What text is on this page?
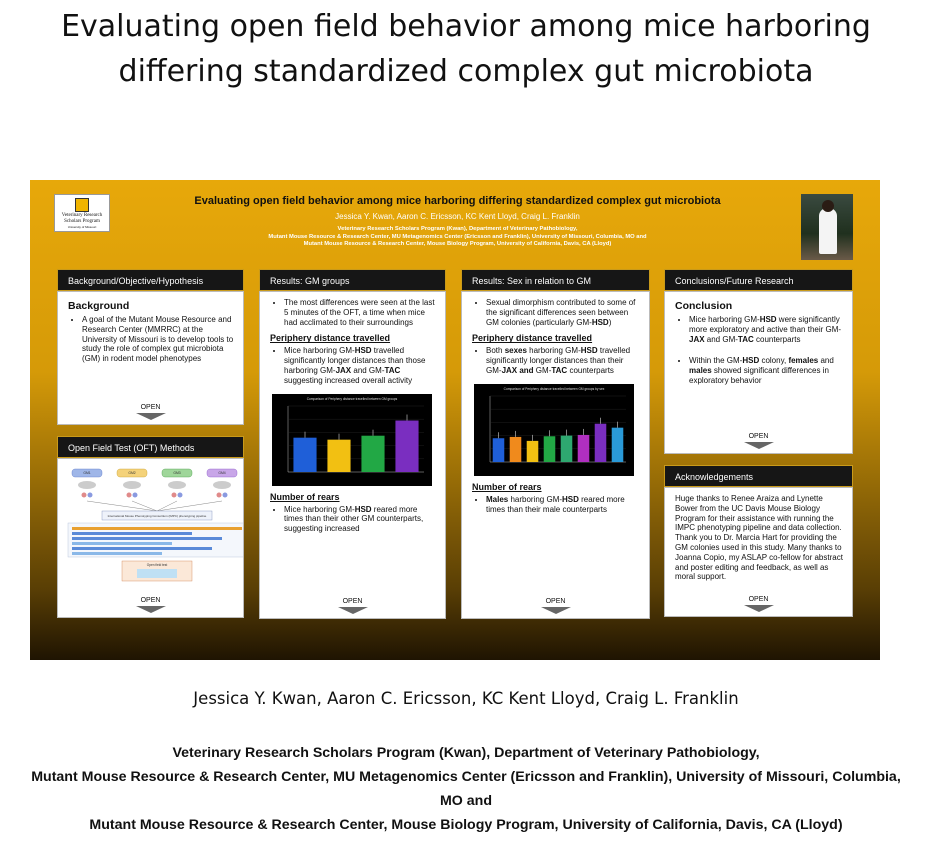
Evaluating open field behavior among mice harboring differing standardized complex gut microbiota
Veterinary Research Scholars Program
University of Missouri
Evaluating open field behavior among mice harboring differing standardized complex gut microbiota
Jessica Y. Kwan, Aaron C. Ericsson, KC Kent Lloyd, Craig L. Franklin
Veterinary Research Scholars Program (Kwan), Department of Veterinary Pathobiology,
Mutant Mouse Resource & Research Center, MU Metagenomics Center (Ericsson and Franklin), University of Missouri, Columbia, MO and
Mutant Mouse Resource & Research Center, Mouse Biology Program, University of California, Davis, CA (Lloyd)
Background/Objective/Hypothesis
Background
• A goal of the Mutant Mouse Resource and Research Center (MMRRC) at the University of Missouri is to develop tools to study the role of complex gut microbiota (GM) in rodent model phenotypes
OPEN
Open Field Test (OFT) Methods
GM1	GM2	GM3	GM4
International Mouse Phenotyping Consortium (IMPC) phenotyping pipeline
Open field test
OPEN
Results: GM groups
• The most differences were seen at the last 5 minutes of the OFT, a time when mice had acclimated to their surroundings
Periphery distance travelled
• Mice harboring GM-HSD travelled significantly longer distances than those harboring GM-JAX and GM-TAC suggesting increased overall activity
Comparison of Periphery distance travelled between GM groups
Number of rears
• Mice harboring GM-HSD reared more times than their other GM counterparts, suggesting increased
OPEN
Results: Sex in relation to GM
• Sexual dimorphism contributed to some of the significant differences seen between GM colonies (particularly GM-HSD)
Periphery distance travelled
• Both sexes harboring GM-HSD travelled significantly longer distances than their GM-JAX and GM-TAC counterparts
Comparison of Periphery distance travelled between GM groups by sex
Number of rears
• Males harboring GM-HSD reared more times than their male counterparts
OPEN
Conclusions/Future Research
Conclusion
• Mice harboring GM-HSD were significantly more exploratory and active than their GM-JAX and GM-TAC counterparts
• Within the GM-HSD colony, females and males showed significant differences in exploratory behavior
OPEN
Acknowledgements
Huge thanks to Renee Araiza and Lynette Bower from the UC Davis Mouse Biology Program for their assistance with running the IMPC phenotyping pipeline and data collection. Thank you to Dr. Marcia Hart for providing the GM colonies used in this study. Many thanks to Joanna Copio, my ASLAP co-fellow for abstract and poster editing and feedback, as well as moral support.
OPEN
Jessica Y. Kwan, Aaron C. Ericsson, KC Kent Lloyd, Craig L. Franklin
Veterinary Research Scholars Program (Kwan), Department of Veterinary Pathobiology,
Mutant Mouse Resource & Research Center, MU Metagenomics Center (Ericsson and Franklin), University of Missouri, Columbia, MO and
Mutant Mouse Resource & Research Center, Mouse Biology Program, University of California, Davis, CA (Lloyd)
